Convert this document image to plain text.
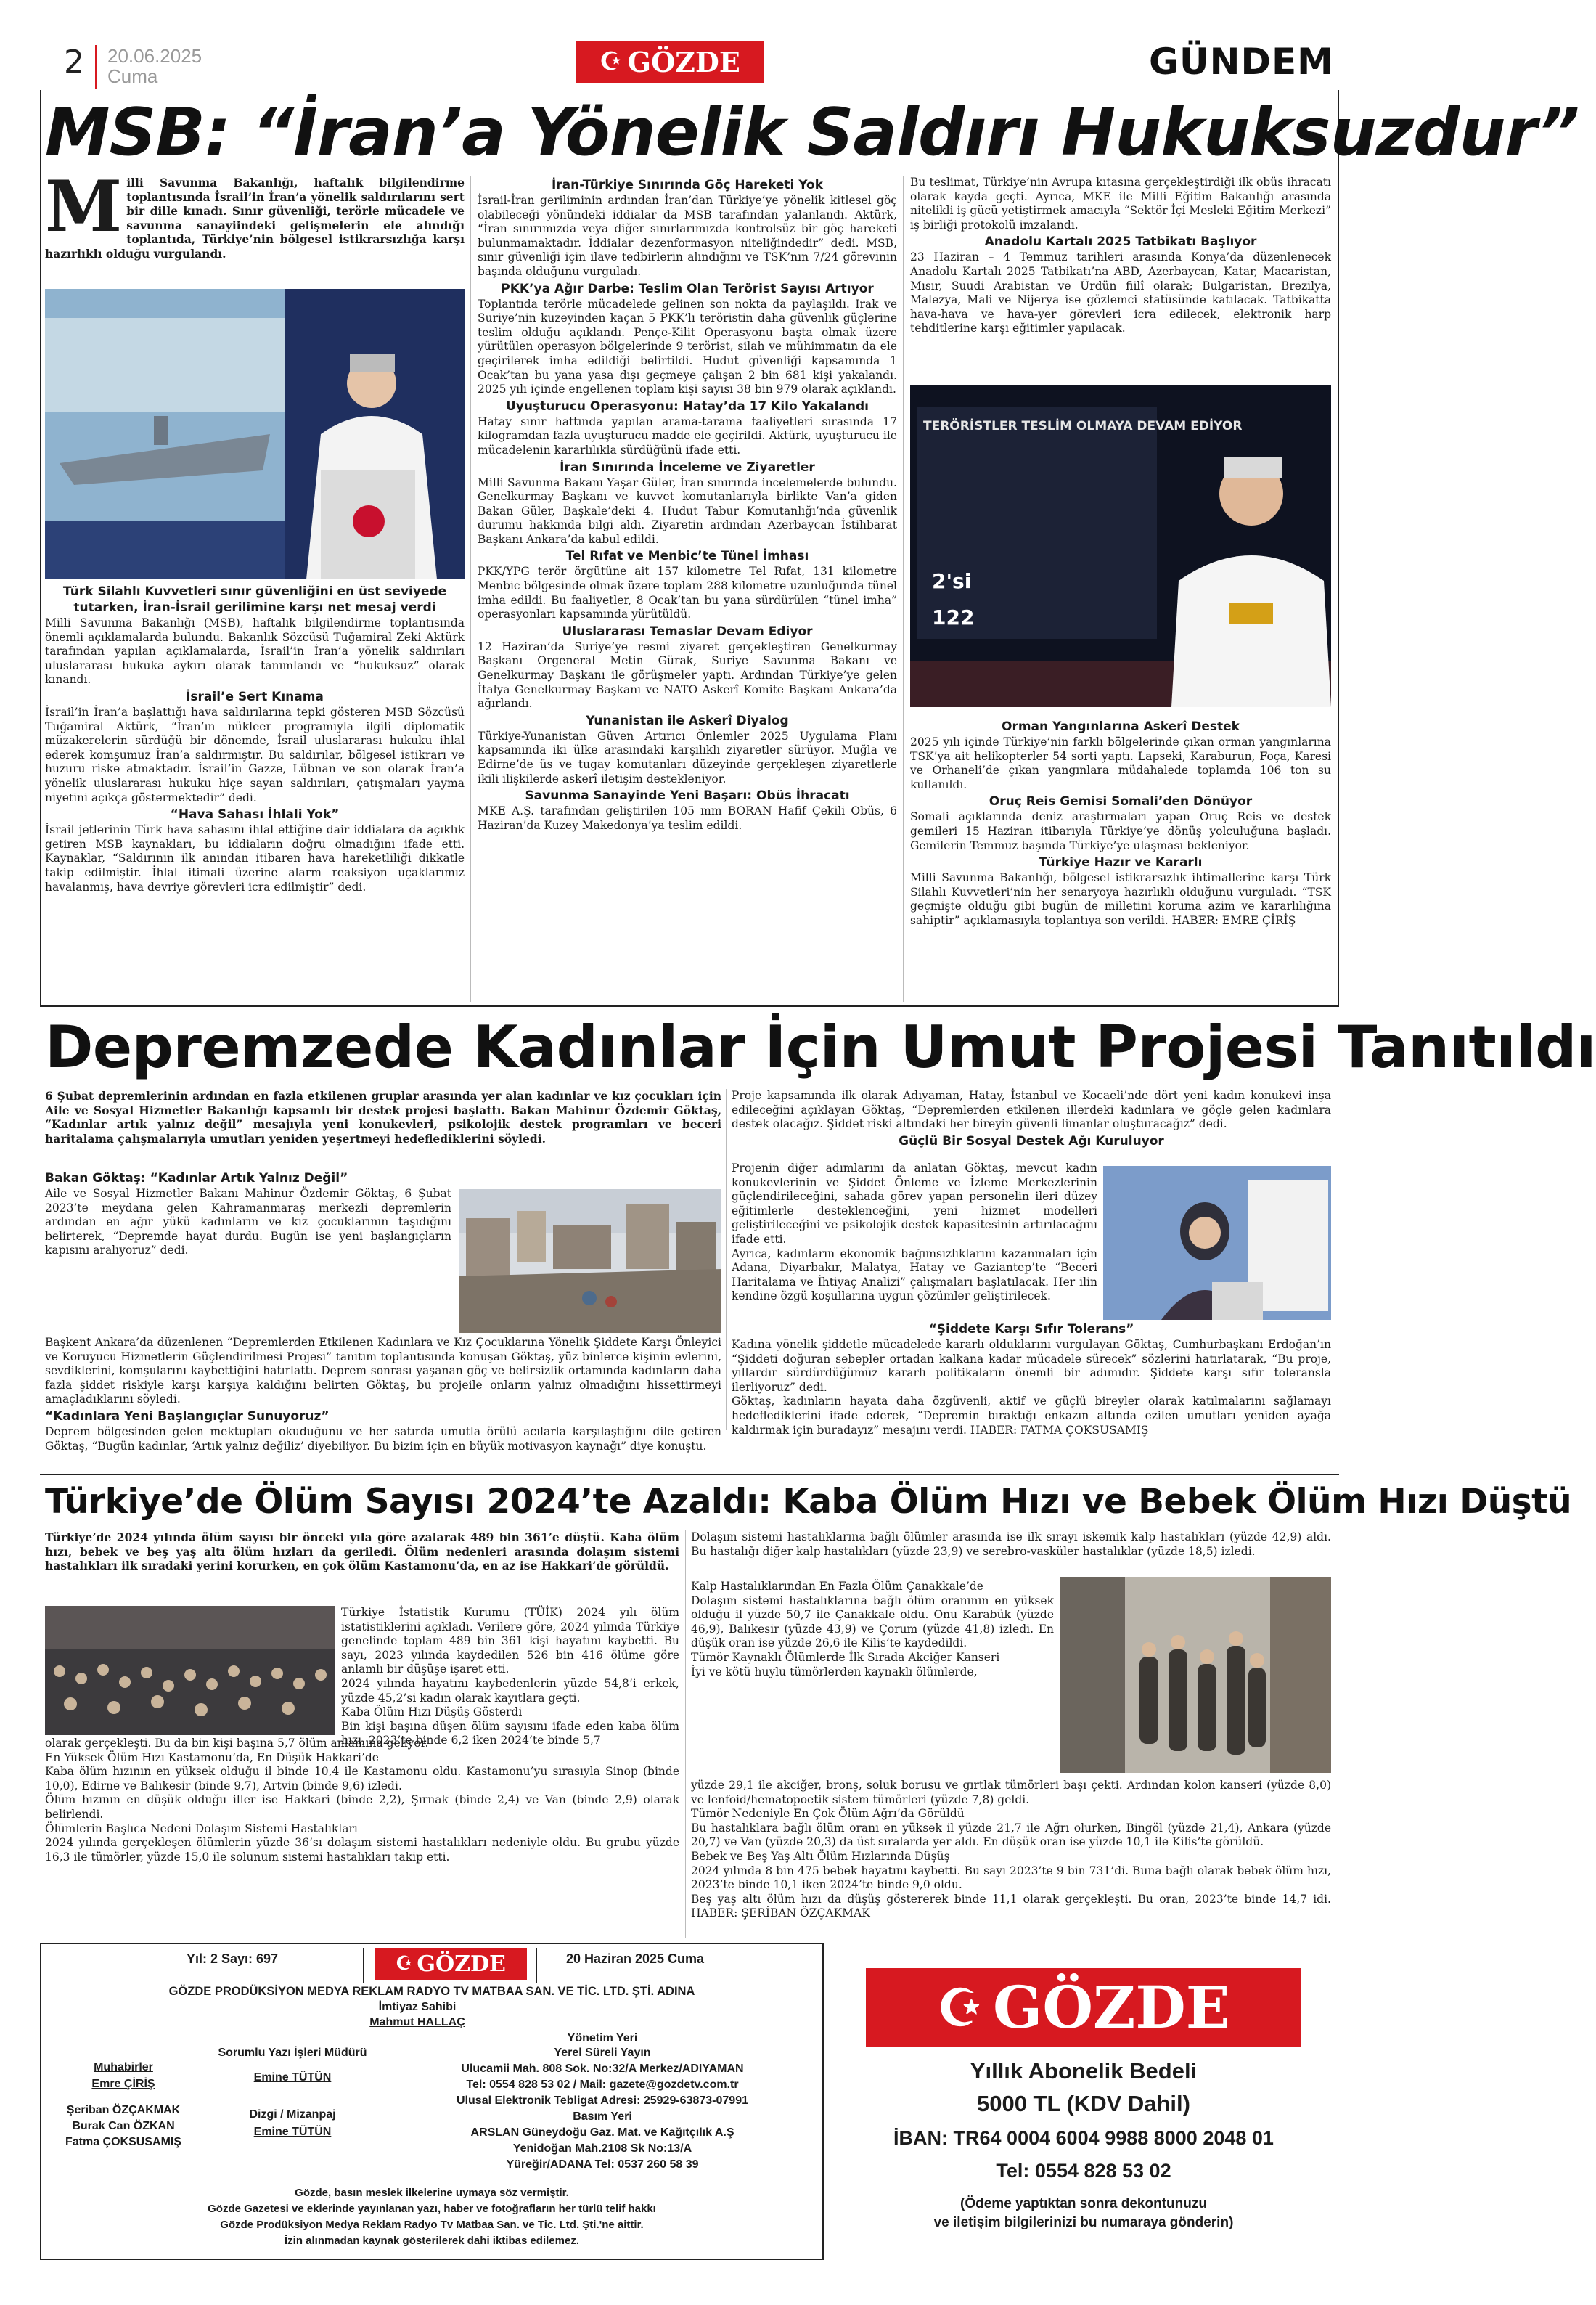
2 20.06.2025
Cuma	☪ GÖZDE	GÜNDEM
MSB: “İran’a Yönelik Saldırı Hukuksuzdur”
M illi Savunma Bakanlığı, haftalık bilgilendirme toplantısında İsrail’in İran’a yönelik saldırılarını sert bir dille kınadı. Sınır güvenliği, terörle mücadele ve savunma sanayiindeki gelişmelerin ele alındığı toplantıda, Türkiye’nin bölgesel istikrarsızlığa karşı hazırlıklı olduğu vurgulandı.

Türk Silahlı Kuvvetleri sınır güvenliğini en üst seviyede tutarken, İran-İsrail gerilimine karşı net mesaj verdi

Milli Savunma Bakanlığı (MSB), haftalık bilgilendirme toplantısında önemli açıklamalarda bulundu. Bakanlık Sözcüsü Tuğamiral Zeki Aktürk tarafından yapılan açıklamalarda, İsrail’in İran’a yönelik saldırıları uluslararası hukuka aykırı olarak tanımlandı ve “hukuksuz” olarak kınandı.

İsrail’e Sert Kınama

İsrail’in İran’a başlattığı hava saldırılarına tepki gösteren MSB Sözcüsü Tuğamiral Aktürk, “İran’ın nükleer programıyla ilgili diplomatik müzakerelerin sürdüğü bir dönemde, İsrail uluslararası hukuku ihlal ederek komşumuz İran’a saldırmıştır. Bu saldırılar, bölgesel istikrarı ve huzuru riske atmaktadır. İsrail’in Gazze, Lübnan ve son olarak İran’a yönelik uluslararası hukuku hiçe sayan saldırıları, çatışmaları yayma niyetini açıkça göstermektedir” dedi.

“Hava Sahası İhlali Yok”

İsrail jetlerinin Türk hava sahasını ihlal ettiğine dair iddialara da açıklık getiren MSB kaynakları, bu iddiaların doğru olmadığını ifade etti. Kaynaklar, “Saldırının ilk anından itibaren hava hareketliliği dikkatle takip edilmiştir. İhlal itimali üzerine alarm reaksiyon uçaklarımız havalanmış, hava devriye görevleri icra edilmiştir” dedi.

İran-Türkiye Sınırında Göç Hareketi Yok

İsrail-İran geriliminin ardından İran’dan Türkiye’ye yönelik kitlesel göç olabileceği yönündeki iddialar da MSB tarafından yalanlandı. Aktürk, “İran sınırımızda veya diğer sınırlarımızda kontrolsüz bir göç hareketi bulunmamaktadır. İddialar dezenformasyon niteliğindedir” dedi. MSB, sınır güvenliği için ilave tedbirlerin alındığını ve TSK’nın 7/24 görevinin başında olduğunu vurguladı.

PKK’ya Ağır Darbe: Teslim Olan Terörist Sayısı Artıyor

Toplantıda terörle mücadelede gelinen son nokta da paylaşıldı. Irak ve Suriye’nin kuzeyinden kaçan 5 PKK’lı teröristin daha güvenlik güçlerine teslim olduğu açıklandı. Pençe-Kilit Operasyonu başta olmak üzere yürütülen operasyon bölgelerinde 9 terörist, silah ve mühimmatın da ele geçirilerek imha edildiği belirtildi. Hudut güvenliği kapsamında 1 Ocak’tan bu yana yasa dışı geçmeye çalışan 2 bin 681 kişi yakalandı. 2025 yılı içinde engellenen toplam kişi sayısı 38 bin 979 olarak açıklandı.

Uyuşturucu Operasyonu: Hatay’da 17 Kilo Yakalandı

Hatay sınır hattında yapılan arama-tarama faaliyetleri sırasında 17 kilogramdan fazla uyuşturucu madde ele geçirildi. Aktürk, uyuşturucu ile mücadelenin kararlılıkla sürdüğünü ifade etti.

İran Sınırında İnceleme ve Ziyaretler

Milli Savunma Bakanı Yaşar Güler, İran sınırında incelemelerde bulundu. Genelkurmay Başkanı ve kuvvet komutanlarıyla birlikte Van’a giden Bakan Güler, Başkale’deki 4. Hudut Tabur Komutanlığı’nda güvenlik durumu hakkında bilgi aldı. Ziyaretin ardından Azerbaycan İstihbarat Başkanı Ankara’da kabul edildi.

Tel Rıfat ve Menbic’te Tünel İmhası

PKK/YPG terör örgütüne ait 157 kilometre Tel Rıfat, 131 kilometre Menbic bölgesinde olmak üzere toplam 288 kilometre uzunluğunda tünel imha edildi. Bu faaliyetler, 8 Ocak’tan bu yana sürdürülen “tünel imha” operasyonları kapsamında yürütüldü.

Uluslararası Temaslar Devam Ediyor

12 Haziran’da Suriye’ye resmi ziyaret gerçekleştiren Genelkurmay Başkanı Orgeneral Metin Gürak, Suriye Savunma Bakanı ve Genelkurmay Başkanı ile görüşmeler yaptı. Ardından Türkiye’ye gelen İtalya Genelkurmay Başkanı ve NATO Askerî Komite Başkanı Ankara’da ağırlandı.

Yunanistan ile Askerî Diyalog

Türkiye-Yunanistan Güven Artırıcı Önlemler 2025 Uygulama Planı kapsamında iki ülke arasındaki karşılıklı ziyaretler sürüyor. Muğla ve Edirne’de üs ve tugay komutanları düzeyinde gerçekleşen ziyaretlerle ikili ilişkilerde askerî iletişim destekleniyor.

Savunma Sanayinde Yeni Başarı: Obüs İhracatı

MKE A.Ş. tarafından geliştirilen 105 mm BORAN Hafif Çekili Obüs, 6 Haziran’da Kuzey Makedonya’ya teslim edildi.

Bu teslimat, Türkiye’nin Avrupa kıtasına gerçekleştirdiği ilk obüs ihracatı olarak kayda geçti. Ayrıca, MKE ile Milli Eğitim Bakanlığı arasında nitelikli iş gücü yetiştirmek amacıyla “Sektör İçi Mesleki Eğitim Merkezi” iş birliği protokolü imzalandı.

Anadolu Kartalı 2025 Tatbikatı Başlıyor

23 Haziran – 4 Temmuz tarihleri arasında Konya’da düzenlenecek Anadolu Kartalı 2025 Tatbikatı’na ABD, Azerbaycan, Katar, Macaristan, Mısır, Suudi Arabistan ve Ürdün fiilî olarak; Bulgaristan, Brezilya, Malezya, Mali ve Nijerya ise gözlemci statüsünde katılacak. Tatbikatta hava-hava ve hava-yer görevleri icra edilecek, elektronik harp tehditlerine karşı eğitimler yapılacak.

TERÖRİSTLER TESLİM OLMAYA DEVAM EDİYOR
2'si
122
Orman Yangınlarına Askerî Destek

2025 yılı içinde Türkiye’nin farklı bölgelerinde çıkan orman yangınlarına TSK’ya ait helikopterler 54 sorti yaptı. Lapseki, Karaburun, Foça, Karesi ve Orhaneli’de çıkan yangınlara müdahalede toplamda 106 ton su kullanıldı.

Oruç Reis Gemisi Somali’den Dönüyor

Somali açıklarında deniz araştırmaları yapan Oruç Reis ve destek gemileri 15 Haziran itibarıyla Türkiye’ye dönüş yolculuğuna başladı. Gemilerin Temmuz başında Türkiye’ye ulaşması bekleniyor.

Türkiye Hazır ve Kararlı

Milli Savunma Bakanlığı, bölgesel istikrarsızlık ihtimallerine karşı Türk Silahlı Kuvvetleri’nin her senaryoya hazırlıklı olduğunu vurguladı. “TSK geçmişte olduğu gibi bugün de milletini koruma azim ve kararlılığına sahiptir” açıklamasıyla toplantıya son verildi. HABER: EMRE ÇİRİŞ

Depremzede Kadınlar İçin Umut Projesi Tanıtıldı

6 Şubat depremlerinin ardından en fazla etkilenen gruplar arasında yer alan kadınlar ve kız çocukları için Aile ve Sosyal Hizmetler Bakanlığı kapsamlı bir destek projesi başlattı. Bakan Mahinur Özdemir Göktaş, “Kadınlar artık yalnız değil” mesajıyla yeni konukevleri, psikolojik destek programları ve beceri haritalama çalışmalarıyla umutları yeniden yeşertmeyi hedeflediklerini söyledi.

Bakan Göktaş: “Kadınlar Artık Yalnız Değil”

Aile ve Sosyal Hizmetler Bakanı Mahinur Özdemir Göktaş, 6 Şubat 2023’te meydana gelen Kahramanmaraş merkezli depremlerin ardından en ağır yükü kadınların ve kız çocuklarının taşıdığını belirterek, “Depremde hayat durdu. Bugün ise yeni başlangıçların kapısını aralıyoruz” dedi.

Başkent Ankara’da düzenlenen “Depremlerden Etkilenen Kadınlara ve Kız Çocuklarına Yönelik Şiddete Karşı Önleyici ve Koruyucu Hizmetlerin Güçlendirilmesi Projesi” tanıtım toplantısında konuşan Göktaş, yüz binlerce kişinin evlerini, sevdiklerini, komşularını kaybettiğini hatırlattı. Deprem sonrası yaşanan göç ve belirsizlik ortamında kadınların daha fazla şiddet riskiyle karşı karşıya kaldığını belirten Göktaş, bu projeile onların yalnız olmadığını hissettirmeyi amaçladıklarını söyledi.

“Kadınlara Yeni Başlangıçlar Sunuyoruz”

Deprem bölgesinden gelen mektupları okuduğunu ve her satırda umutla örülü acılarla karşılaştığını dile getiren Göktaş, “Bugün kadınlar, ‘Artık yalnız değiliz’ diyebiliyor. Bu bizim için en büyük motivasyon kaynağı” diye konuştu.

Proje kapsamında ilk olarak Adıyaman, Hatay, İstanbul ve Kocaeli’nde dört yeni kadın konukevi inşa edileceğini açıklayan Göktaş, “Depremlerden etkilenen illerdeki kadınlara ve göçle gelen kadınlara destek olacağız. Şiddet riski altındaki her bireyin güvenli limanlar oluşturacağız” dedi.

Güçlü Bir Sosyal Destek Ağı Kuruluyor

Projenin diğer adımlarını da anlatan Göktaş, mevcut kadın konukevlerinin ve Şiddet Önleme ve İzleme Merkezlerinin güçlendirileceğini, sahada görev yapan personelin ileri düzey eğitimlerle desteklenceğini, yeni hizmet modelleri geliştirileceğini ve psikolojik destek kapasitesinin artırılacağını ifade etti.

Ayrıca, kadınların ekonomik bağımsızlıklarını kazanmaları için Adana, Diyarbakır, Malatya, Hatay ve Gaziantep’te “Beceri Haritalama ve İhtiyaç Analizi” çalışmaları başlatılacak. Her ilin kendine özgü koşullarına uygun çözümler geliştirilecek.

“Şiddete Karşı Sıfır Tolerans”

Kadına yönelik şiddetle mücadelede kararlı olduklarını vurgulayan Göktaş, Cumhurbaşkanı Erdoğan’ın “Şiddeti doğuran sebepler ortadan kalkana kadar mücadele sürecek” sözlerini hatırlatarak, “Bu proje, yıllardır sürdürdüğümüz kararlı politikaların önemli bir adımıdır. Şiddete karşı sıfır toleransla ilerliyoruz” dedi.

Göktaş, kadınların hayata daha özgüvenli, aktif ve güçlü bireyler olarak katılmalarını sağlamayı hedeflediklerini ifade ederek, “Depremin bıraktığı enkazın altında ezilen umutları yeniden ayağa kaldırmak için buradayız” mesajını verdi. HABER: FATMA ÇOKSUSAMIŞ

Türkiye’de Ölüm Sayısı 2024’te Azaldı: Kaba Ölüm Hızı ve Bebek Ölüm Hızı Düştü

Türkiye’de 2024 yılında ölüm sayısı bir önceki yıla göre azalarak 489 bin 361’e düştü. Kaba ölüm hızı, bebek ve beş yaş altı ölüm hızları da geriledi. Ölüm nedenleri arasında dolaşım sistemi hastalıkları ilk sıradaki yerini korurken, en çok ölüm Kastamonu’da, en az ise Hakkari’de görüldü.

Türkiye İstatistik Kurumu (TÜİK) 2024 yılı ölüm istatistiklerini açıkladı. Verilere göre, 2024 yılında Türkiye genelinde toplam 489 bin 361 kişi hayatını kaybetti. Bu sayı, 2023 yılında kaydedilen 526 bin 416 ölüme göre anlamlı bir düşüşe işaret etti.
2024 yılında hayatını kaybedenlerin yüzde 54,8’i erkek, yüzde 45,2’si kadın olarak kayıtlara geçti.
Kaba Ölüm Hızı Düşüş Gösterdi
Bin kişi başına düşen ölüm sayısını ifade eden kaba ölüm hızı, 2023’te binde 6,2 iken 2024’te binde 5,7

olarak gerçekleşti. Bu da bin kişi başına 5,7 ölüm anlamına geliyor.
En Yüksek Ölüm Hızı Kastamonu’da, En Düşük Hakkari’de
Kaba ölüm hızının en yüksek olduğu il binde 10,4 ile Kastamonu oldu. Kastamonu’yu sırasıyla Sinop (binde 10,0), Edirne ve Balıkesir (binde 9,7), Artvin (binde 9,6) izledi.
Ölüm hızının en düşük olduğu iller ise Hakkari (binde 2,2), Şırnak (binde 2,4) ve Van (binde 2,9) olarak belirlendi.
Ölümlerin Başlıca Nedeni Dolaşım Sistemi Hastalıkları
2024 yılında gerçekleşen ölümlerin yüzde 36’sı dolaşım sistemi hastalıkları nedeniyle oldu. Bu grubu yüzde 16,3 ile tümörler, yüzde 15,0 ile solunum sistemi hastalıkları takip etti.

Dolaşım sistemi hastalıklarına bağlı ölümler arasında ise ilk sırayı iskemik kalp hastalıkları (yüzde 42,9) aldı. Bu hastalığı diğer kalp hastalıkları (yüzde 23,9) ve serebro-vasküler hastalıklar (yüzde 18,5) izledi.

Kalp Hastalıklarından En Fazla Ölüm Çanakkale’de
Dolaşım sistemi hastalıklarına bağlı ölüm oranının en yüksek olduğu il yüzde 50,7 ile Çanakkale oldu. Onu Karabük (yüzde 46,9), Balıkesir (yüzde 43,9) ve Çorum (yüzde 41,8) izledi. En düşük oran ise yüzde 26,6 ile Kilis’te kaydedildi.
Tümör Kaynaklı Ölümlerde İlk Sırada Akciğer Kanseri
İyi ve kötü huylu tümörlerden kaynaklı ölümlerde,

yüzde 29,1 ile akciğer, bronş, soluk borusu ve gırtlak tümörleri başı çekti. Ardından kolon kanseri (yüzde 8,0) ve lenfoid/hematopoetik sistem tümörleri (yüzde 7,8) geldi.
Tümör Nedeniyle En Çok Ölüm Ağrı’da Görüldü
Bu hastalıklara bağlı ölüm oranı en yüksek il yüzde 21,7 ile Ağrı olurken, Bingöl (yüzde 21,4), Ankara (yüzde 20,7) ve Van (yüzde 20,3) da üst sıralarda yer aldı. En düşük oran ise yüzde 10,1 ile Kilis’te görüldü.
Bebek ve Beş Yaş Altı Ölüm Hızlarında Düşüş
2024 yılında 8 bin 475 bebek hayatını kaybetti. Bu sayı 2023’te 9 bin 731’di. Buna bağlı olarak bebek ölüm hızı, 2023’te binde 10,1 iken 2024’te binde 9,0 oldu.
Beş yaş altı ölüm hızı da düşüş göstererek binde 11,1 olarak gerçekleşti. Bu oran, 2023’te binde 14,7 idi. HABER: ŞERİBAN ÖZÇAKMAK

Yıl: 2 Sayı: 697	☪ GÖZDE	20 Haziran 2025 Cuma
GÖZDE PRODÜKSİYON MEDYA REKLAM RADYO TV MATBAA SAN. VE TİC. LTD. ŞTİ. ADINA
İmtiyaz Sahibi
Mahmut HALLAÇ
Muhabirler
Emre ÇİRİŞ
Şeriban ÖZÇAKMAK
Burak Can ÖZKAN
Fatma ÇOKSUSAMIŞ
Sorumlu Yazı İşleri Müdürü
Emine TÜTÜN
Dizgi / Mizanpaj
Emine TÜTÜN
Yönetim Yeri
Yerel Süreli Yayın
Ulucamii Mah. 808 Sok. No:32/A Merkez/ADIYAMAN
Tel: 0554 828 53 02 / Mail: gazete@gozdetv.com.tr
Ulusal Elektronik Tebligat Adresi: 25929-63873-07991
Basım Yeri
ARSLAN Güneydoğu Gaz. Mat. ve Kağıtçılık A.Ş
Yenidoğan Mah.2108 Sk No:13/A
Yüreğir/ADANA Tel: 0537 260 58 39
Gözde, basın meslek ilkelerine uymaya söz vermiştir.
Gözde Gazetesi ve eklerinde yayınlanan yazı, haber ve fotoğrafların her türlü telif hakkı
Gözde Prodüksiyon Medya Reklam Radyo Tv Matbaa San. ve Tic. Ltd. Şti.'ne aittir.
İzin alınmadan kaynak gösterilerek dahi iktibas edilemez.
☪ GÖZDE
Yıllık Abonelik Bedeli
5000 TL (KDV Dahil)
İBAN: TR64 0004 6004 9988 8000 2048 01
Tel: 0554 828 53 02
(Ödeme yaptıktan sonra dekontunuzu
ve iletişim bilgilerinizi bu numaraya gönderin)
